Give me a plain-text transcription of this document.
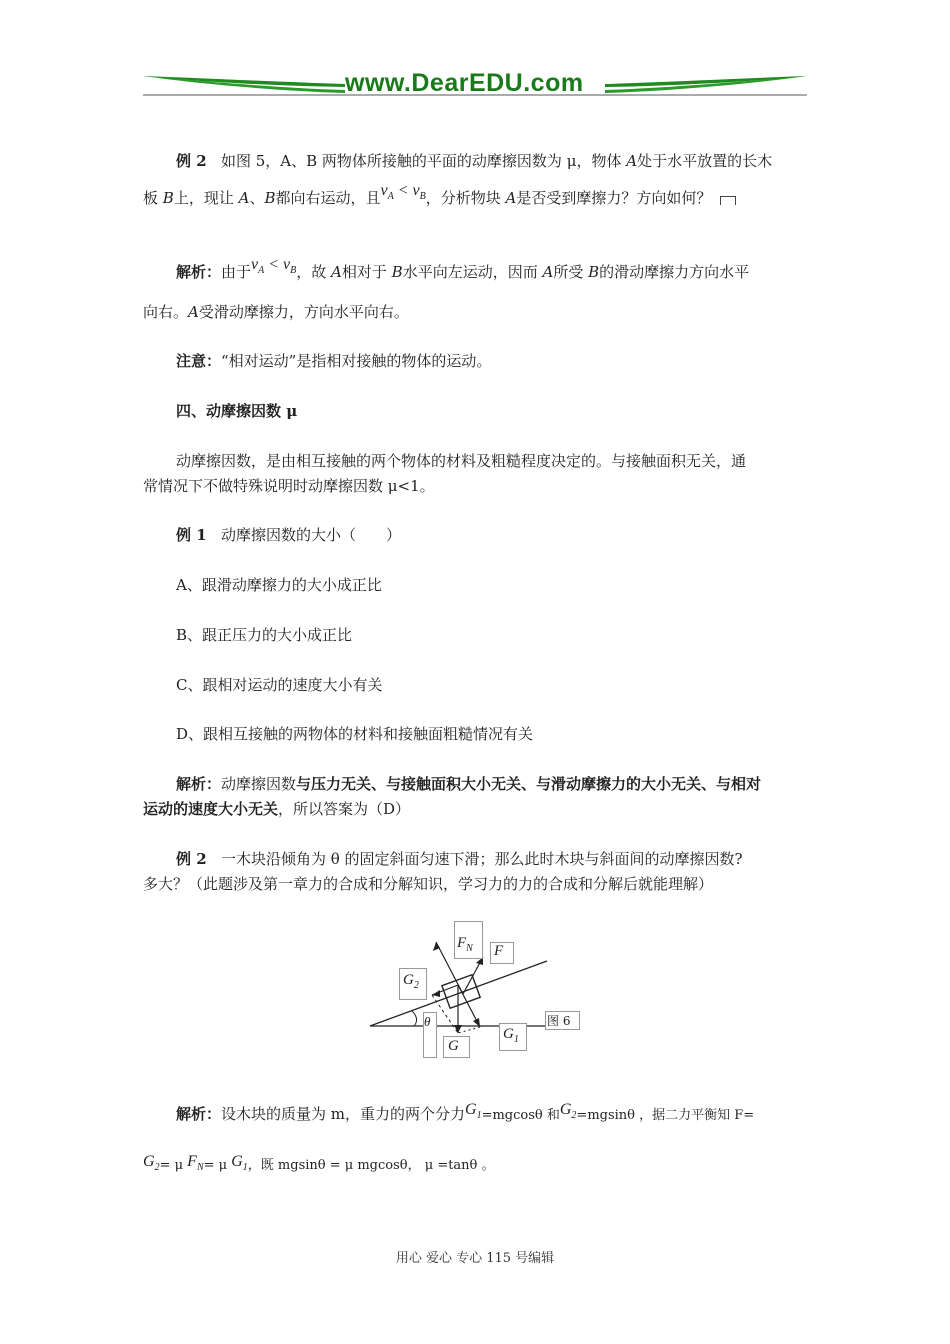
www.DearEDU.com
例 2 如图 5，A、B 两物体所接触的平面的动摩擦因数为 μ，物体 A处于水平放置的长木
板 B上，现让 A、B都向右运动，且$v_A < v_B$，分析物块 A是否受到摩擦力？方向如何？
解析：由于$v_A < v_B$，故 A相对于 B水平向左运动，因而 A所受 B的滑动摩擦力方向水平
向右。A受滑动摩擦力，方向水平向右。
注意：“相对运动”是指相对接触的物体的运动。
四、动摩擦因数 μ
动摩擦因数，是由相互接触的两个物体的材料及粗糙程度决定的。与接触面积无关，通
常情况下不做特殊说明时动摩擦因数 μ<1。
例 1 动摩擦因数的大小（　　）
A、跟滑动摩擦力的大小成正比
B、跟正压力的大小成正比
C、跟相对运动的速度大小有关
D、跟相互接触的两物体的材料和接触面粗糙情况有关
解析：动摩擦因数与压力无关、与接触面积大小无关、与滑动摩擦力的大小无关、与相对
运动的速度大小无关，所以答案为（D）
例 2 一木块沿倾角为 θ 的固定斜面匀速下滑；那么此时木块与斜面间的动摩擦因数?
多大？（此题涉及第一章力的合成和分解知识，学习力的力的合成和分解后就能理解）
$F_N$ F
$G_2$
$G_1$
θ
G
图 6
解析：设木块的质量为 m，重力的两个分力$G_1=mgcos\theta$ 和$G_2=mgsin\theta$ ，据二力平衡知 F=
$G_2= \mu$ $F_N= \mu$ $G_1$，既 mgsinθ = μ mgcosθ， μ =tanθ 。
用心 爱心 专心 115 号编辑
